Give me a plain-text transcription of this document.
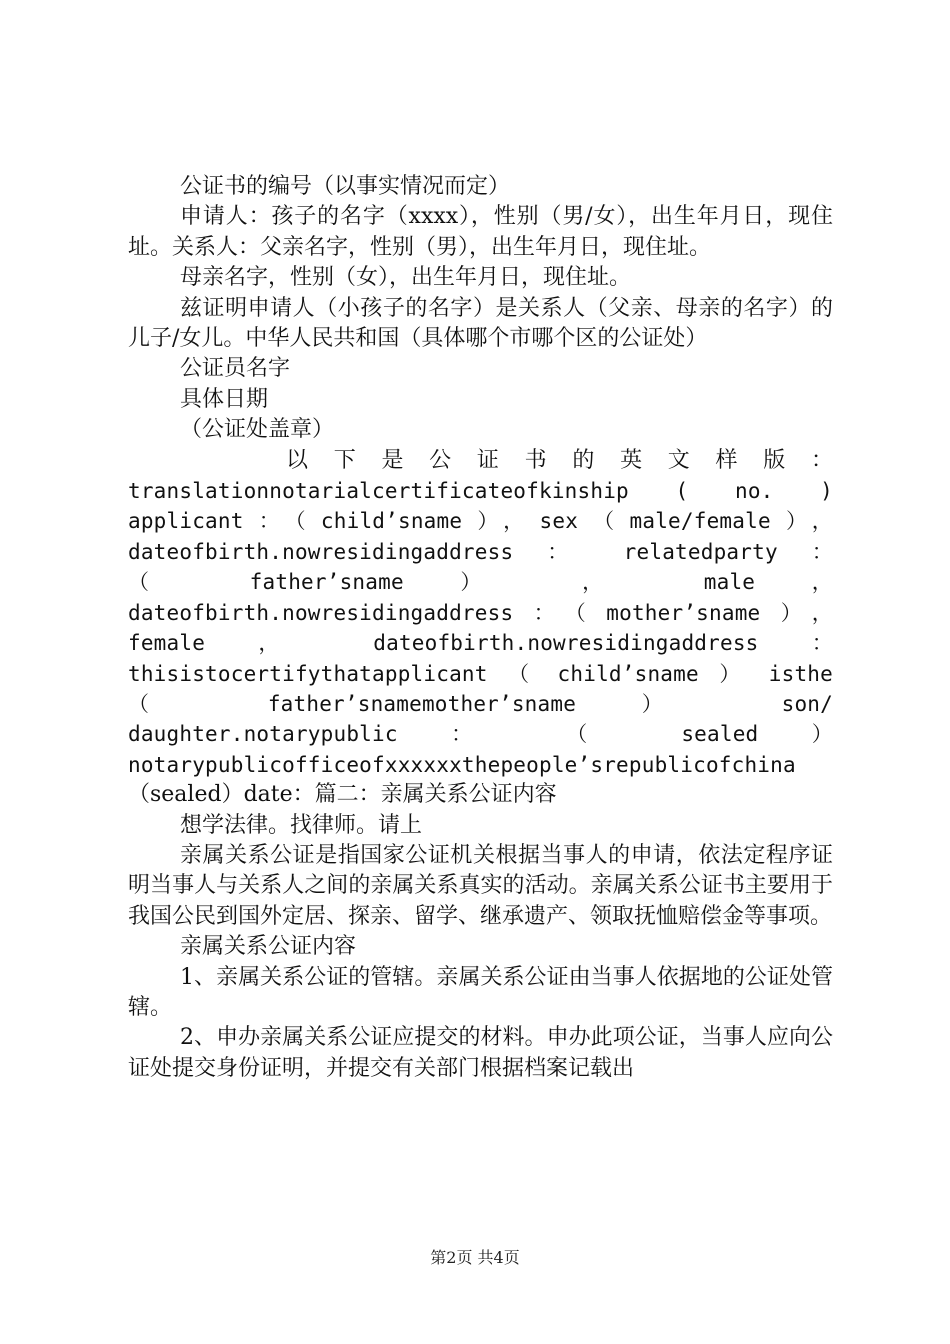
公证书的编号（以事实情况而定）

申请人：孩子的名字（xxxx），性别（男/女），出生年月日，现住址。关系人：父亲名字，性别（男），出生年月日，现住址。

母亲名字，性别（女），出生年月日，现住址。

兹证明申请人（小孩子的名字）是关系人（父亲、母亲的名字）的儿子/女儿。中华人民共和国（具体哪个市哪个区的公证处）

公证员名字

具体日期

（公证处盖章）

以下是公证书的英文样版：

translationnotarialcertificateofkinship ( no. )

applicant：（child’sname），sex（male/female），

dateofbirth.nowresidingaddress ： relatedparty ：

（ father’sname ） ， male ，

dateofbirth.nowresidingaddress：（mother’sname），

female ， dateofbirth.nowresidingaddress ：

thisistocertifythatapplicant （ child’sname ） isthe

（ father’snamemother’sname ） son/

daughter.notarypublic ： （ sealed ）

notarypublicofficeofxxxxxxthepeople’srepublicofchina

（sealed）date：篇二：亲属关系公证内容

想学法律。找律师。请上

亲属关系公证是指国家公证机关根据当事人的申请，依法定程序证明当事人与关系人之间的亲属关系真实的活动。亲属关系公证书主要用于我国公民到国外定居、探亲、留学、继承遗产、领取抚恤赔偿金等事项。

亲属关系公证内容

1、亲属关系公证的管辖。亲属关系公证由当事人依据地的公证处管辖。

2、申办亲属关系公证应提交的材料。申办此项公证，当事人应向公证处提交身份证明，并提交有关部门根据档案记载出

第2页 共4页
